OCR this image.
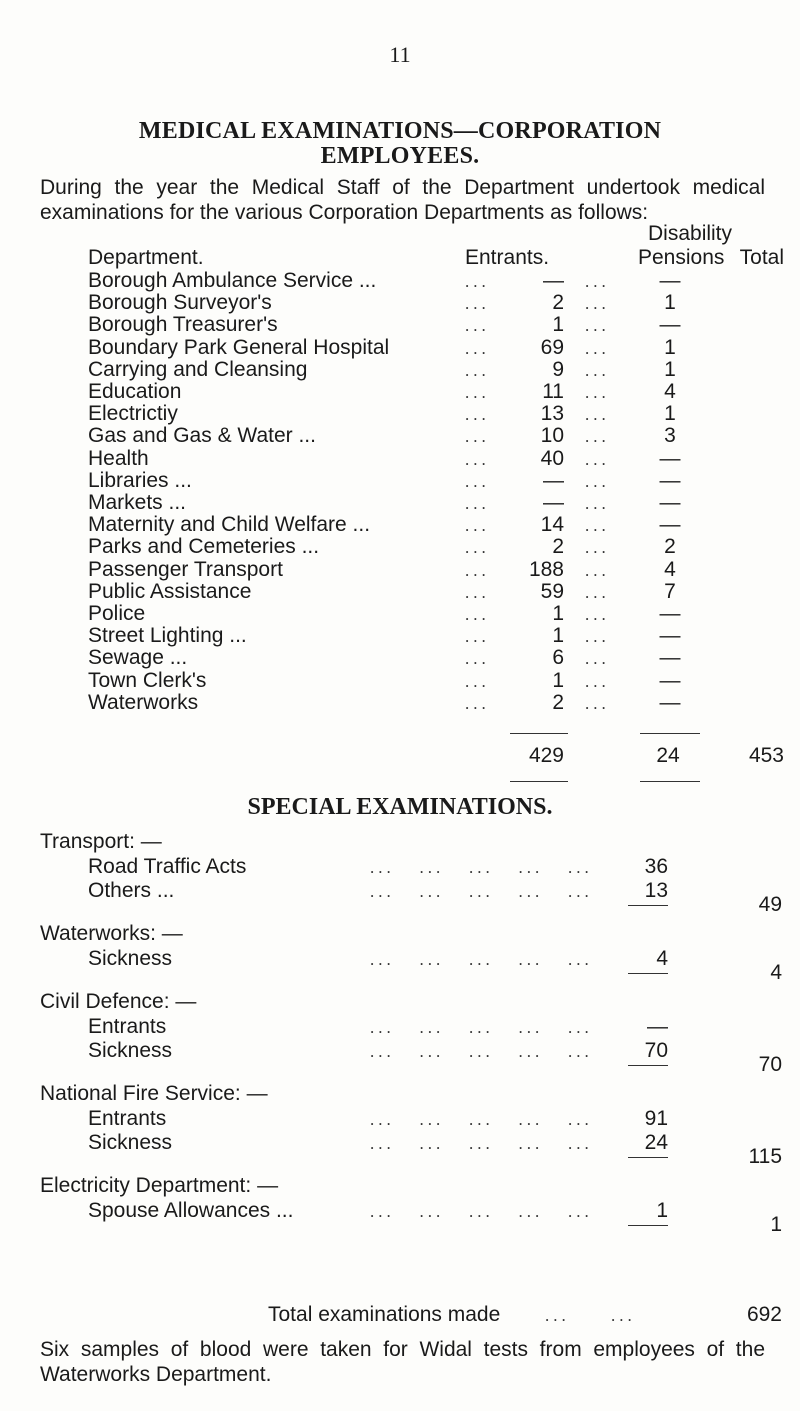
11
MEDICAL EXAMINATIONS—CORPORATION
EMPLOYEES.
During the year the Medical Staff of the Department undertook medical examinations for the various Corporation Departments as follows:
Department.	Entrants.
Disability
Pensions Total
Borough Ambulance Service ...	...	— ...	—
Borough Surveyor's	...	2 ...	1
Borough Treasurer's	...	1 ...	—
Boundary Park General Hospital	...	69 ...	1
Carrying and Cleansing	...	9 ...	1
Education	...	11 ...	4
Electrictiy	...	13 ...	1
Gas and Gas & Water ...	...	10 ...	3
Health	...	40 ...	—
Libraries ...	...	— ...	—
Markets ...	...	— ...	—
Maternity and Child Welfare ...	...	14 ...	—
Parks and Cemeteries ...	...	2 ...	2
Passenger Transport	...	188 ...	4
Public Assistance	...	59 ...	7
Police	...	1 ...	—
Street Lighting ...	...	1 ...	—
Sewage ...	...	6 ...	—
Town Clerk's	...	1 ...	—
Waterworks	...	2 ...	—
429	24	453
SPECIAL EXAMINATIONS.
Transport: —
Road Traffic Acts	...   ...   ...   ...   ...	36
Others ...	...   ...   ...   ...   ...	13
49
Waterworks: —
Sickness	...   ...   ...   ...   ...	4
4
Civil Defence: —
Entrants	...   ...   ...   ...   ...	—
Sickness	...   ...   ...   ...   ...	70
70
National Fire Service: —
Entrants	...   ...   ...   ...   ...	91
Sickness	...   ...   ...   ...   ...	24
115
Electricity Department: —
Spouse Allowances ...	...   ...   ...   ...   ...	1
1
Total examinations made	...     ...	692
Six samples of blood were taken for Widal tests from employees of the Waterworks Department.
